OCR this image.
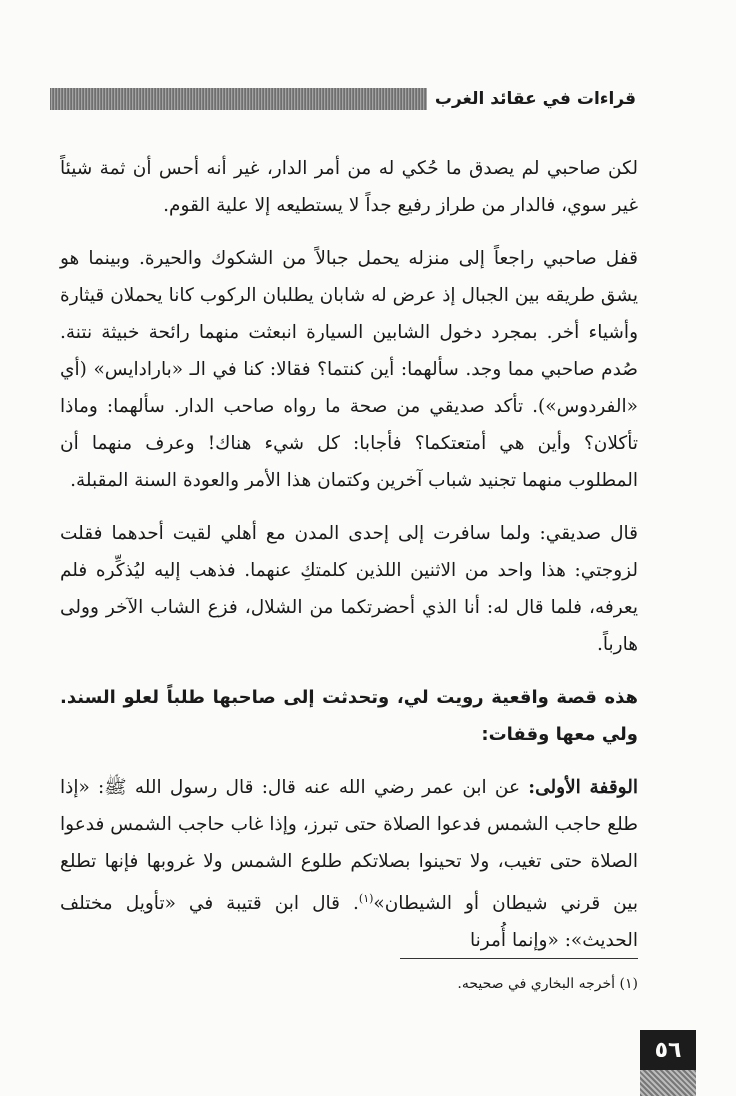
قراءات في عقائد الغرب

لكن صاحبي لم يصدق ما حُكي له من أمر الدار، غير أنه أحس أن ثمة شيئاً غير سوي، فالدار من طراز رفيع جداً لا يستطيعه إلا علية القوم.

قفل صاحبي راجعاً إلى منزله يحمل جبالاً من الشكوك والحيرة. وبينما هو يشق طريقه بين الجبال إذ عرض له شابان يطلبان الركوب كانا يحملان قيثارة وأشياء أخر. بمجرد دخول الشابين السيارة انبعثت منهما رائحة خبيثة نتنة. صُدم صاحبي مما وجد. سألهما: أين كنتما؟ فقالا: كنا في الـ «بارادايس» (أي «الفردوس»). تأكد صديقي من صحة ما رواه صاحب الدار. سألهما: وماذا تأكلان؟ وأين هي أمتعتكما؟ فأجابا: كل شيء هناك! وعرف منهما أن المطلوب منهما تجنيد شباب آخرين وكتمان هذا الأمر والعودة السنة المقبلة.

قال صديقي: ولما سافرت إلى إحدى المدن مع أهلي لقيت أحدهما فقلت لزوجتي: هذا واحد من الاثنين اللذين كلمتكِ عنهما. فذهب إليه ليُذكِّره فلم يعرفه، فلما قال له: أنا الذي أحضرتكما من الشلال، فزع الشاب الآخر وولى هارباً.

هذه قصة واقعية رويت لي، وتحدثت إلى صاحبها طلباً لعلو السند. ولي معها وقفات:

الوقفة الأولى: عن ابن عمر رضي الله عنه قال: قال رسول الله ﷺ: «إذا طلع حاجب الشمس فدعوا الصلاة حتى تبرز، وإذا غاب حاجب الشمس فدعوا الصلاة حتى تغيب، ولا تحينوا بصلاتكم طلوع الشمس ولا غروبها فإنها تطلع بين قرني شيطان أو الشيطان»$^{(١)}$. قال ابن قتيبة في «تأويل مختلف الحديث»: «وإنما أُمرنا

(١) أخرجه البخاري في صحيحه.
٥٦
